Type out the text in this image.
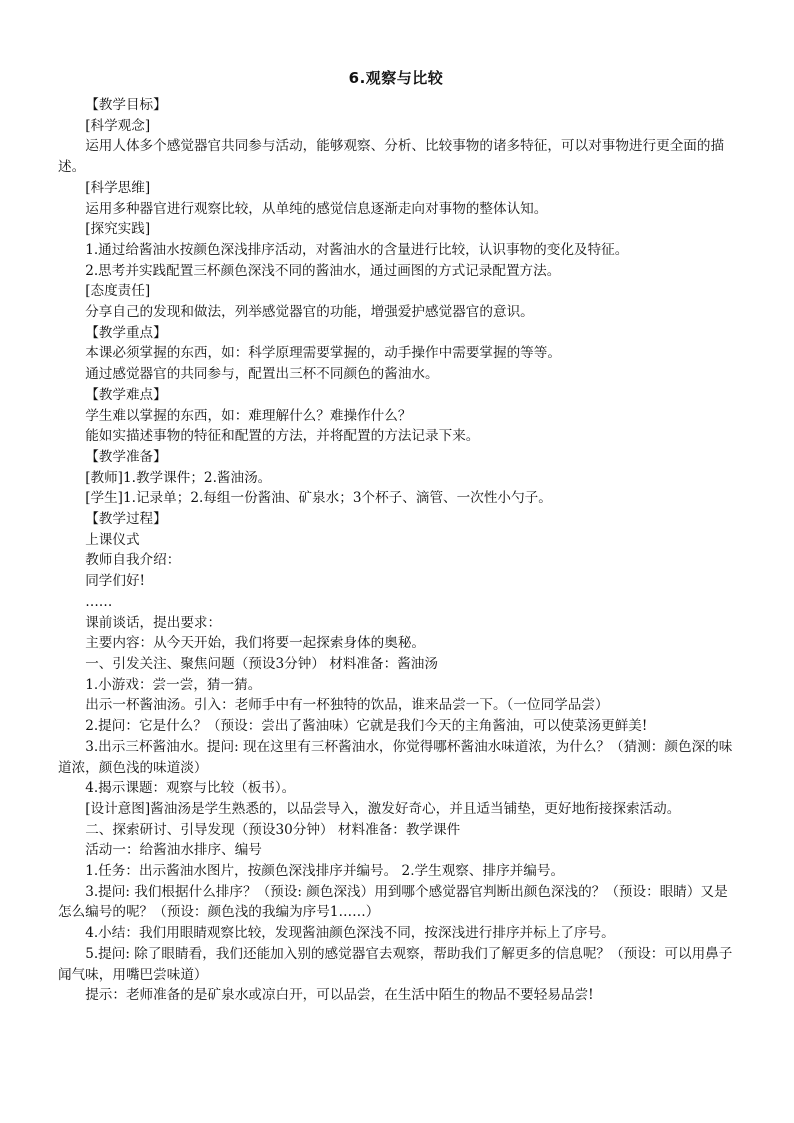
6.观察与比较

【教学目标】

[科学观念]

运用人体多个感觉器官共同参与活动，能够观察、分析、比较事物的诸多特征，可以对事物进行更全面的描述。

[科学思维]

运用多种器官进行观察比较，从单纯的感觉信息逐渐走向对事物的整体认知。

[探究实践]

1.通过给酱油水按颜色深浅排序活动，对酱油水的含量进行比较，认识事物的变化及特征。

2.思考并实践配置三杯颜色深浅不同的酱油水，通过画图的方式记录配置方法。

[态度责任]

分享自己的发现和做法，列举感觉器官的功能，增强爱护感觉器官的意识。

【教学重点】

本课必须掌握的东西，如：科学原理需要掌握的，动手操作中需要掌握的等等。

通过感觉器官的共同参与，配置出三杯不同颜色的酱油水。

【教学难点】

学生难以掌握的东西，如：难理解什么？难操作什么？

能如实描述事物的特征和配置的方法，并将配置的方法记录下来。

【教学准备】

[教师]1.教学课件；2.酱油汤。

[学生]1.记录单；2.每组一份酱油、矿泉水；3个杯子、滴管、一次性小勺子。

【教学过程】

上课仪式

教师自我介绍：

同学们好!

……

课前谈话，提出要求：

主要内容：从今天开始，我们将要一起探索身体的奥秘。

一、引发关注、聚焦问题（预设3分钟） 材料准备：酱油汤

1.小游戏：尝一尝，猜一猜。

出示一杯酱油汤。引入：老师手中有一杯独特的饮品，谁来品尝一下。（一位同学品尝）

2.提问：它是什么？（预设：尝出了酱油味）它就是我们今天的主角酱油，可以使菜汤更鲜美!

3.出示三杯酱油水。提问: 现在这里有三杯酱油水，你觉得哪杯酱油水味道浓，为什么？（猜测：颜色深的味道浓，颜色浅的味道淡）

4.揭示课题：观察与比较（板书）。

[设计意图]酱油汤是学生熟悉的，以品尝导入，激发好奇心，并且适当铺垫，更好地衔接探索活动。

二、探索研讨、引导发现（预设30分钟） 材料准备：教学课件

活动一：给酱油水排序、编号

1.任务：出示酱油水图片，按颜色深浅排序并编号。 2.学生观察、排序并编号。

3.提问: 我们根据什么排序？（预设: 颜色深浅）用到哪个感觉器官判断出颜色深浅的？（预设：眼睛）又是怎么编号的呢？（预设：颜色浅的我编为序号1……）

4.小结：我们用眼睛观察比较，发现酱油颜色深浅不同，按深浅进行排序并标上了序号。

5.提问: 除了眼睛看，我们还能加入别的感觉器官去观察，帮助我们了解更多的信息呢？（预设：可以用鼻子闻气味，用嘴巴尝味道）

提示：老师准备的是矿泉水或凉白开，可以品尝，在生活中陌生的物品不要轻易品尝!
